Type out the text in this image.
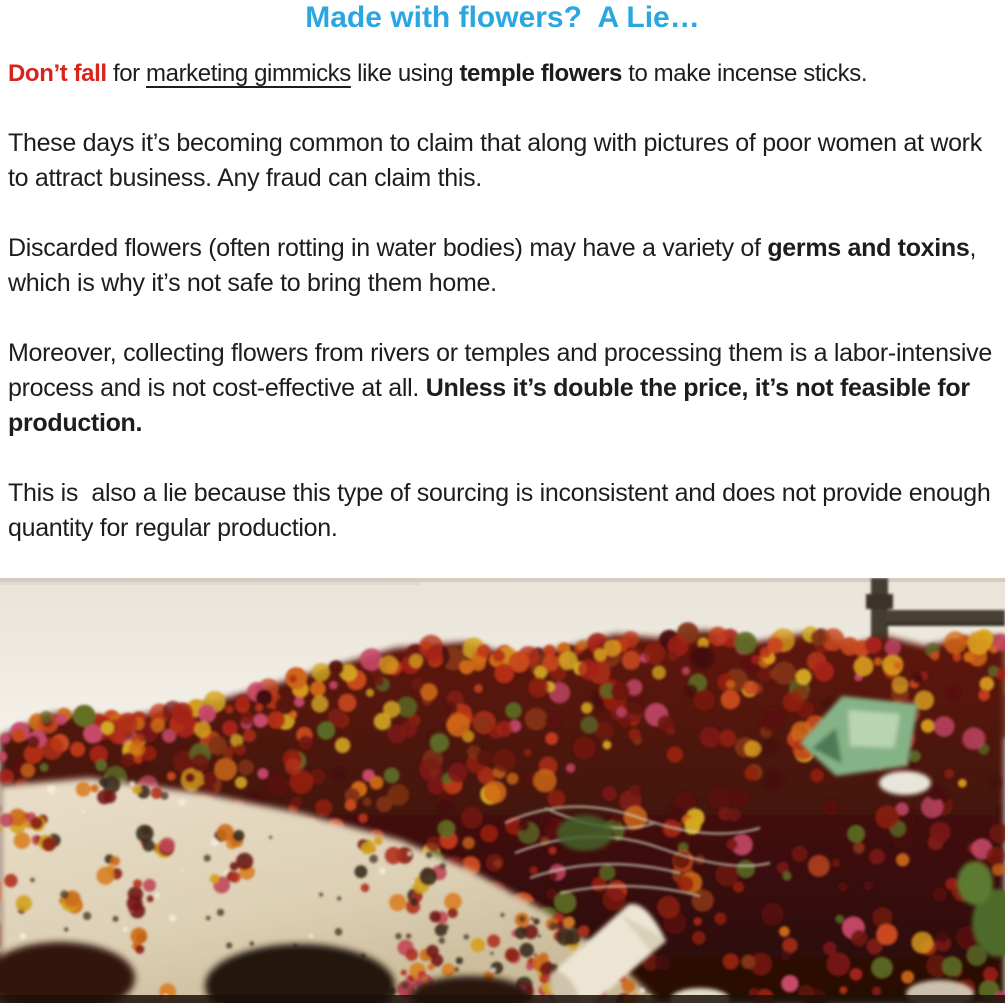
Made with flowers?  A Lie…

Don’t fall for marketing gimmicks like using temple flowers to make incense sticks.

These days it’s becoming common to claim that along with pictures of poor women at work to attract business. Any fraud can claim this.

Discarded flowers (often rotting in water bodies) may have a variety of germs and toxins, which is why it’s not safe to bring them home.

Moreover, collecting flowers from rivers or temples and processing them is a labor-intensive process and is not cost-effective at all. Unless it’s double the price, it’s not feasible for production.

This is  also a lie because this type of sourcing is inconsistent and does not provide enough quantity for regular production.
